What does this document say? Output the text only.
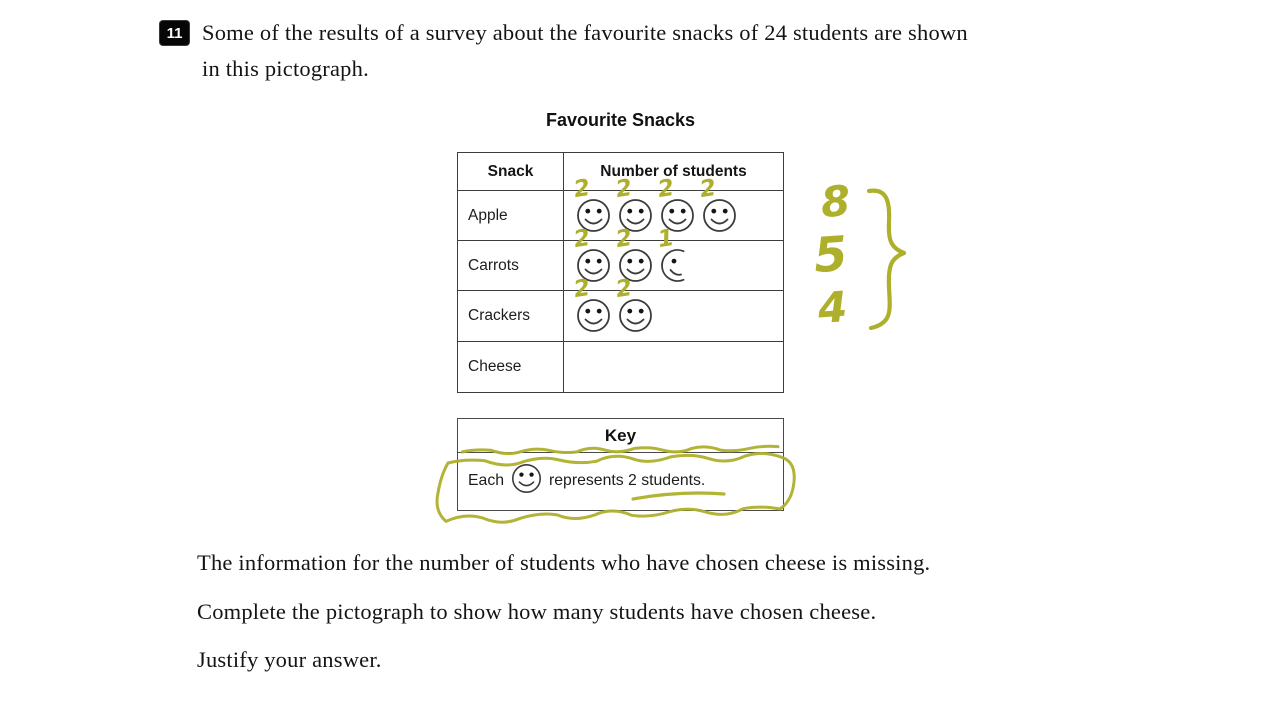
11 Some of the results of a survey about the favourite snacks of 24 students are shown
in this pictograph.
Favourite Snacks
Snack	Number of students
Apple
2 2 2 2
Carrots
2 2 1
Crackers
2 2
Cheese
8
5
4
Key
Each	represents 2 students.
The information for the number of students who have chosen cheese is missing.
Complete the pictograph to show how many students have chosen cheese.
Justify your answer.
